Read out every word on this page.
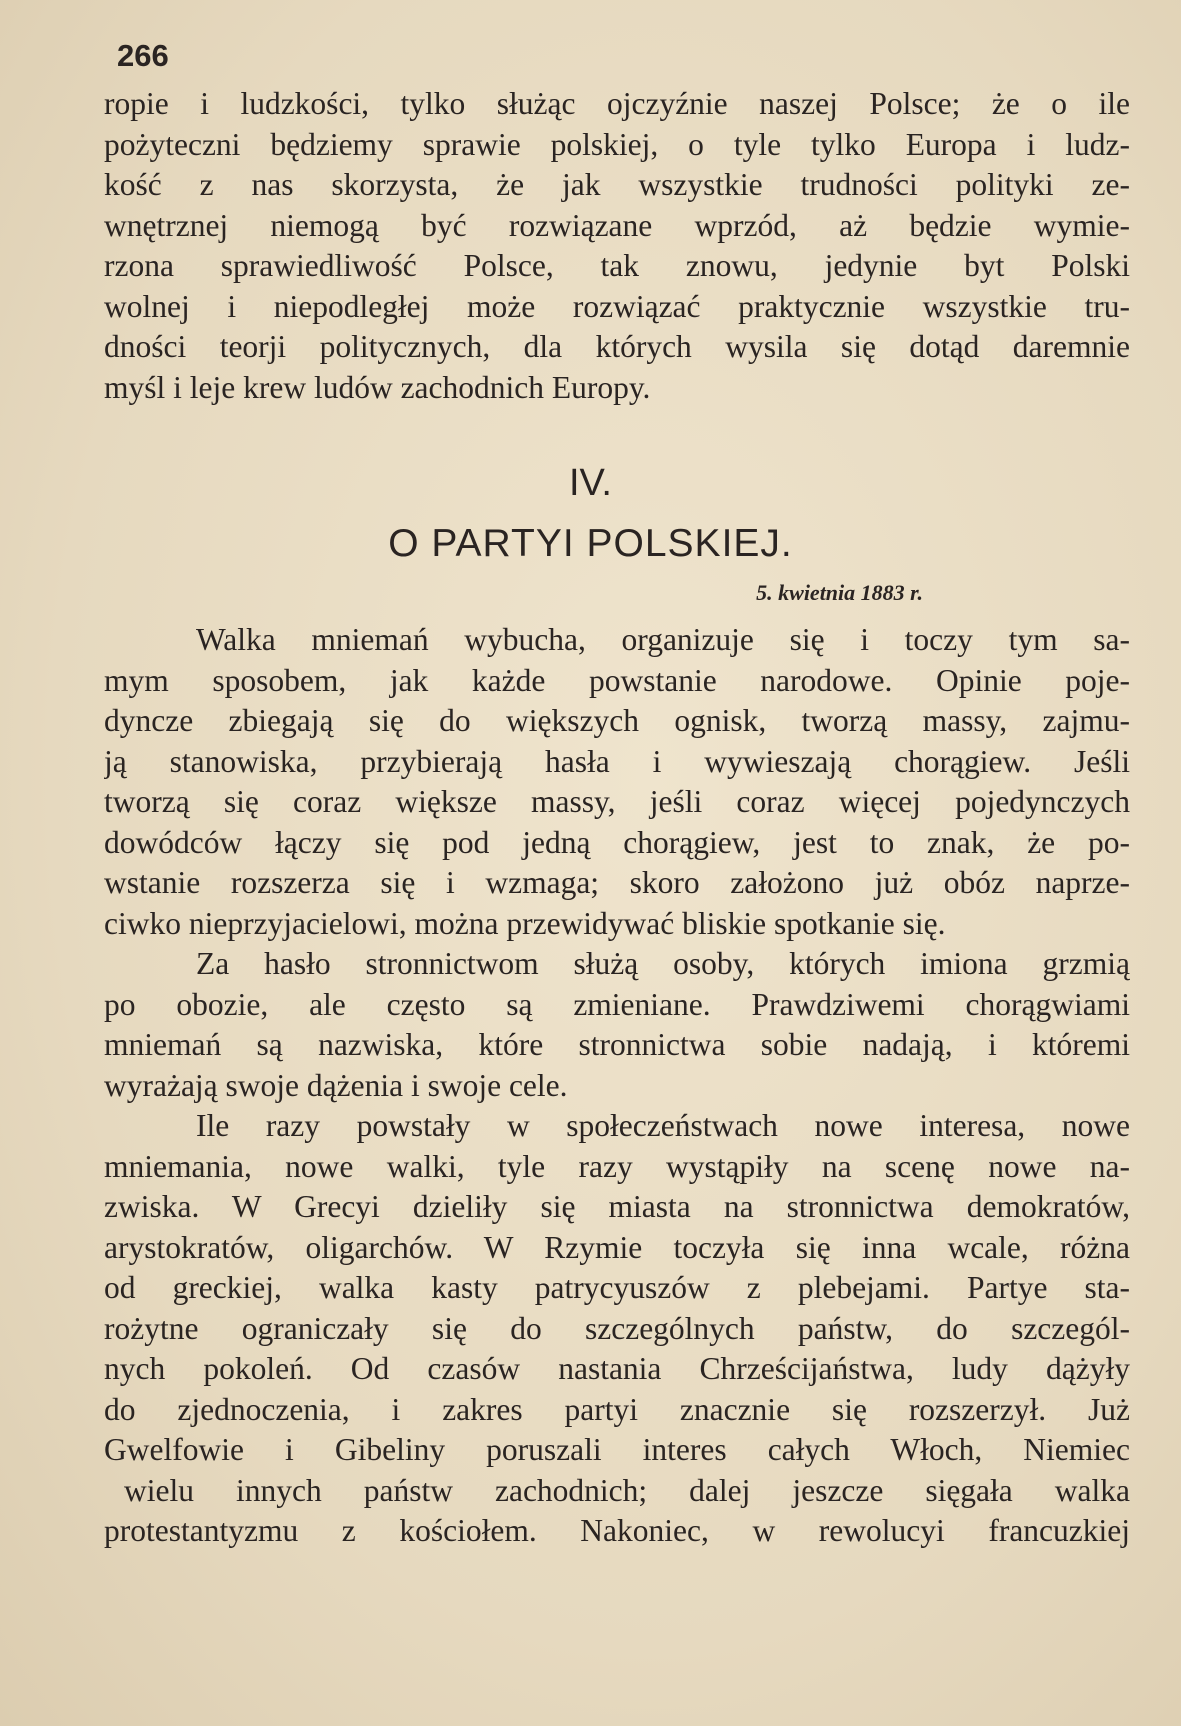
266
ropie i ludzkości, tylko służąc ojczyźnie naszej Polsce; że o ile
pożyteczni będziemy sprawie polskiej, o tyle tylko Europa i ludz-
kość z nas skorzysta, że jak wszystkie trudności polityki ze-
wnętrznej niemogą być rozwiązane wprzód, aż będzie wymie-
rzona sprawiedliwość Polsce, tak znowu, jedynie byt Polski
wolnej i niepodległej może rozwiązać praktycznie wszystkie tru-
dności teorji politycznych, dla których wysila się dotąd daremnie
myśl i leje krew ludów zachodnich Europy.
IV.
O PARTYI POLSKIEJ.
5. kwietnia 1883 r.
Walka mniemań wybucha, organizuje się i toczy tym sa-
mym sposobem, jak każde powstanie narodowe. Opinie poje-
dyncze zbiegają się do większych ognisk, tworzą massy, zajmu-
ją stanowiska, przybierają hasła i wywieszają chorągiew. Jeśli
tworzą się coraz większe massy, jeśli coraz więcej pojedynczych
dowódców łączy się pod jedną chorągiew, jest to znak, że po-
wstanie rozszerza się i wzmaga; skoro założono już obóz naprze-
ciwko nieprzyjacielowi, można przewidywać bliskie spotkanie się.
Za hasło stronnictwom służą osoby, których imiona grzmią
po obozie, ale często są zmieniane. Prawdziwemi chorągwiami
mniemań są nazwiska, które stronnictwa sobie nadają, i któremi
wyrażają swoje dążenia i swoje cele.
Ile razy powstały w społeczeństwach nowe interesa, nowe
mniemania, nowe walki, tyle razy wystąpiły na scenę nowe na-
zwiska. W Grecyi dzieliły się miasta na stronnictwa demokratów,
arystokratów, oligarchów. W Rzymie toczyła się inna wcale, różna
od greckiej, walka kasty patrycyuszów z plebejami. Partye sta-
rożytne ograniczały się do szczególnych państw, do szczegól-
nych pokoleń. Od czasów nastania Chrześcijaństwa, ludy dążyły
do zjednoczenia, i zakres partyi znacznie się rozszerzył. Już
Gwelfowie i Gibeliny poruszali interes całych Włoch, Niemiec
wielu innych państw zachodnich; dalej jeszcze sięgała walka
protestantyzmu z kościołem. Nakoniec, w rewolucyi francuzkiej
